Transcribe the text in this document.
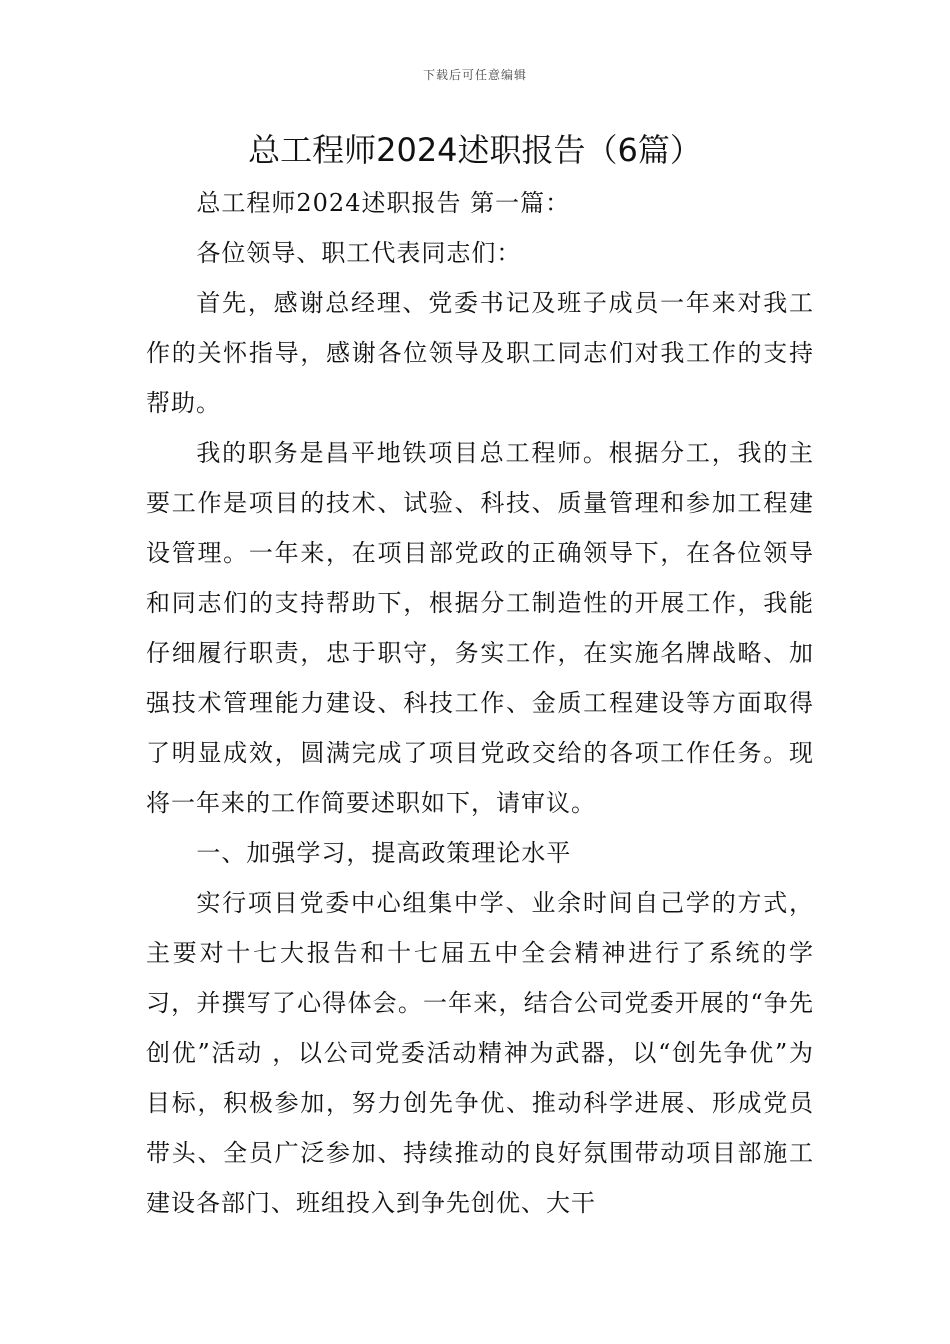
下载后可任意编辑
总工程师2024述职报告（6篇）

总工程师2024述职报告 第一篇：

各位领导、职工代表同志们：

首先，感谢总经理、党委书记及班子成员一年来对我工作的关怀指导，感谢各位领导及职工同志们对我工作的支持帮助。

我的职务是昌平地铁项目总工程师。根据分工，我的主要工作是项目的技术、试验、科技、质量管理和参加工程建设管理。一年来，在项目部党政的正确领导下，在各位领导和同志们的支持帮助下，根据分工制造性的开展工作，我能仔细履行职责，忠于职守，务实工作，在实施名牌战略、加强技术管理能力建设、科技工作、金质工程建设等方面取得了明显成效，圆满完成了项目党政交给的各项工作任务。现将一年来的工作简要述职如下，请审议。

一、加强学习，提高政策理论水平

实行项目党委中心组集中学、业余时间自己学的方式，主要对十七大报告和十七届五中全会精神进行了系统的学习，并撰写了心得体会。一年来，结合公司党委开展的“争先创优”活动 ，以公司党委活动精神为武器，以“创先争优”为目标，积极参加，努力创先争优、推动科学进展、形成党员带头、全员广泛参加、持续推动的良好氛围带动项目部施工建设各部门、班组投入到争先创优、大干
